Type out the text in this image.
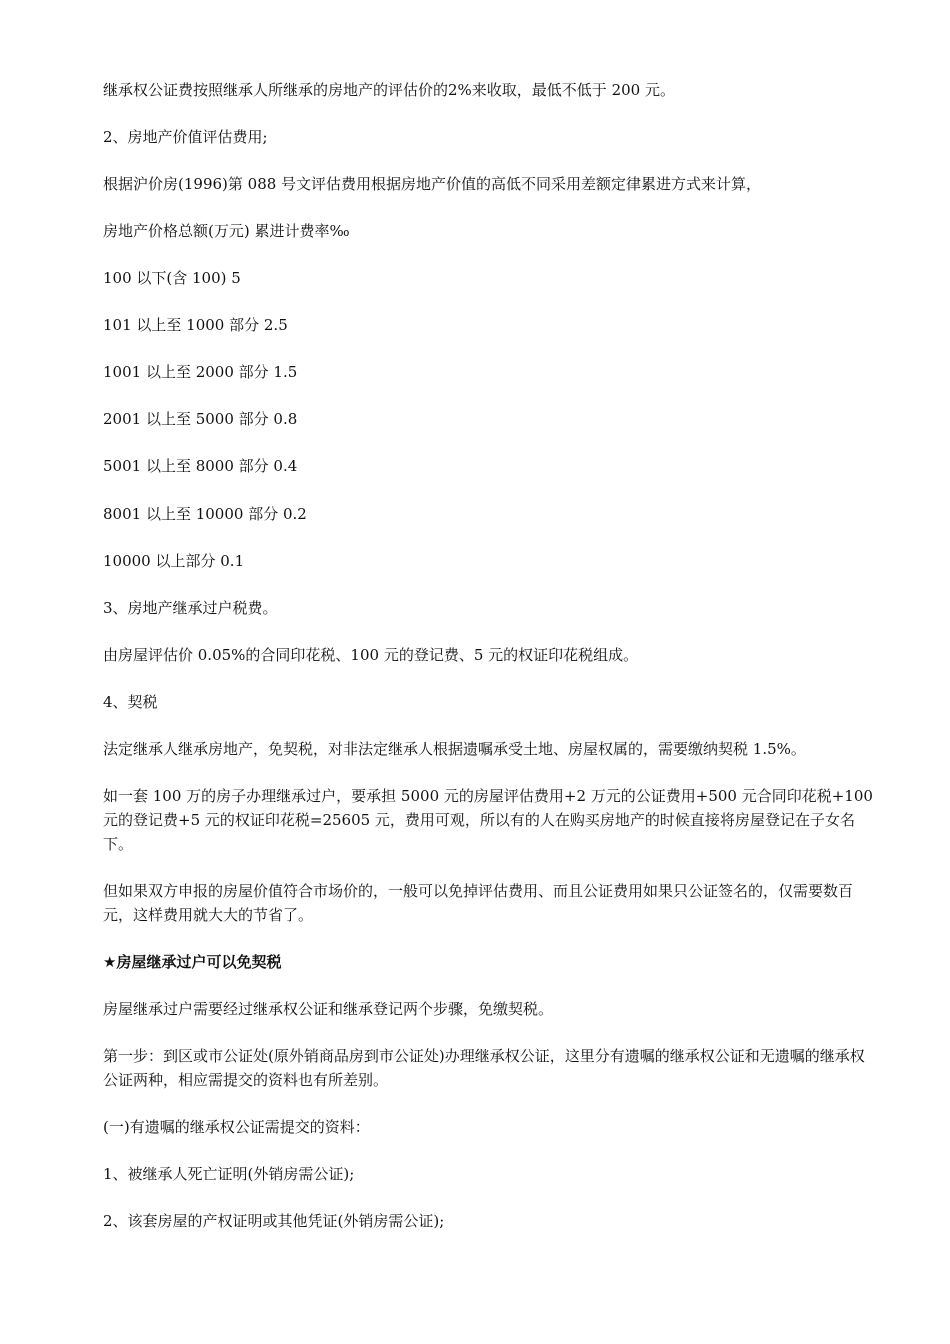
继承权公证费按照继承人所继承的房地产的评估价的2%来收取，最低不低于 200 元。
2、房地产价值评估费用;
根据沪价房(1996)第 088 号文评估费用根据房地产价值的高低不同采用差额定律累进方式来计算，
房地产价格总额(万元) 累进计费率‰
100 以下(含 100) 5
101 以上至 1000 部分 2.5
1001 以上至 2000 部分 1.5
2001 以上至 5000 部分 0.8
5001 以上至 8000 部分 0.4
8001 以上至 10000 部分 0.2
10000 以上部分 0.1
3、房地产继承过户税费。
由房屋评估价 0.05%的合同印花税、100 元的登记费、5 元的权证印花税组成。
4、契税
法定继承人继承房地产，免契税，对非法定继承人根据遗嘱承受土地、房屋权属的，需要缴纳契税 1.5%。
如一套 100 万的房子办理继承过户，要承担 5000 元的房屋评估费用+2 万元的公证费用+500 元合同印花税+100 元的登记费+5 元的权证印花税=25605 元，费用可观，所以有的人在购买房地产的时候直接将房屋登记在子女名下。
但如果双方申报的房屋价值符合市场价的，一般可以免掉评估费用、而且公证费用如果只公证签名的，仅需要数百元，这样费用就大大的节省了。
★房屋继承过户可以免契税
房屋继承过户需要经过继承权公证和继承登记两个步骤，免缴契税。
第一步：到区或市公证处(原外销商品房到市公证处)办理继承权公证，这里分有遗嘱的继承权公证和无遗嘱的继承权公证两种，相应需提交的资料也有所差别。
(一)有遗嘱的继承权公证需提交的资料：
1、被继承人死亡证明(外销房需公证);
2、该套房屋的产权证明或其他凭证(外销房需公证);
